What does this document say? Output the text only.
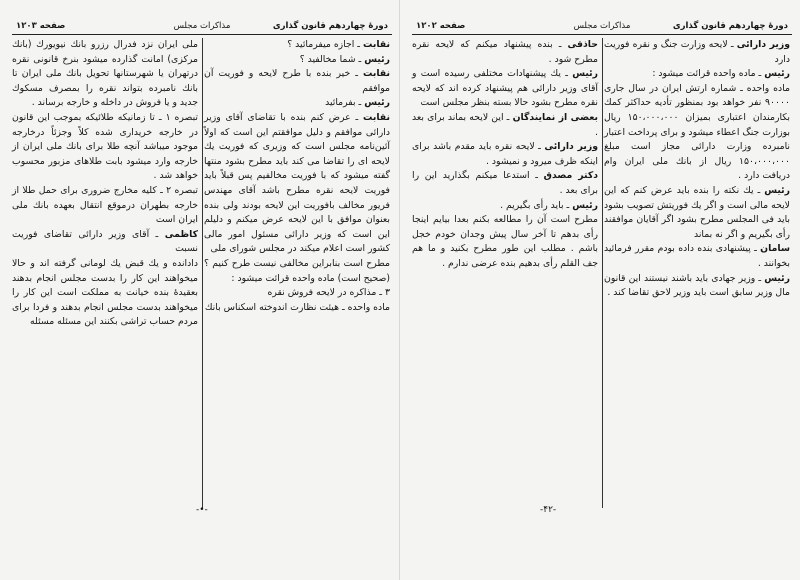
دورهٔ چهاردهم قانون گذاری
مذاکرات مجلس
صفحه ۱۲۰۳

نقابت ـ اجازه میفرمائید ؟

رئیس ـ شما مخالفید ؟

نقابت ـ خیر بنده با طرح لایحه و فوریت آن موافقم

رئیس ـ بفرمائید

نقابت ـ عرض کنم بنده با تقاضای آقای وزیر دارائی موافقم و دلیل موافقتم این است که اولاً آئین‌نامه مجلس است که وزیری که فوریت یك لایحه ای را تقاضا می کند باید مطرح بشود منتها گفته میشود که با فوریت مخالفیم پس قبلاً باید فوریت لایحه نقره مطرح باشد آقای مهندس فریور مخالف بافوریت این لایحه بودند ولی بنده بعنوان موافق با این لایحه عرض میکنم و دلیلم این است که وزیر دارائی مسئول امور مالی کشور است اعلام میکند در مجلس شورای ملی

مطرح است بنابراین مخالفی نیست طرح کنیم ؟ (صحیح است) ماده واحده قرائت میشود :

۳ ـ مذاکره در لایحه فروش نقره

ماده واحده ـ هیئت نظارت اندوخته اسکناس بانك

ملی ایران نزد فدرال رزرو بانك نیویورك (بانك مرکزی) امانت گذارده میشود بنرخ قانونی نقره درتهران یا شهرستانها تحویل بانك ملی ایران تا بانك نامبرده بتواند نقره را بمصرف مسکوك جدید و یا فروش در داخله و خارجه برساند .

تبصره ۱ ـ تا زمانیکه طلائیکه بموجب این قانون در خارجه خریداری شده کلاً وجزئاً درخارجه موجود میباشد آنچه طلا برای بانك ملی ایران از خارجه وارد میشود بابت طلاهای مزبور محسوب خواهد شد .

تبصره ۲ ـ کلیه مخارج ضروری برای حمل طلا از خارجه بطهران درموقع انتقال بعهده بانك ملی ایران است

کاظمی ـ آقای وزیر دارائی تقاضای فوریت نسبت

دادانده و یك قبض یك لومانی گرفته اند و حالا میخواهند این کار را بدست مجلس انجام بدهند بعقیدهٔ بنده خیانت به مملکت است این کار را میخواهند بدست مجلس انجام بدهند و فردا برای مردم حساب تراشی بکنند این مسئله مسئله

-•-
دورهٔ چهاردهم قانون گذاری
مذاکرات مجلس
صفحه ۱۲۰۲

وزیر دارائی ـ لایحه وزارت جنگ و نقره فوریت دارد

رئیس ـ ماده واحده قرائت میشود :

ماده واحده ـ شماره ارتش ایران در سال جاری ۹۰۰۰۰ نفر خواهد بود بمنظور تأدیه حداکثر کمك بکارمندان اعتباری بمیزان ۱۵۰،۰۰۰،۰۰۰ ریال بوزارت جنگ اعطاء میشود و برای پرداخت اعتبار نامبرده وزارت دارائی مجاز است مبلغ ۱۵۰،۰۰۰،۰۰۰ ریال از بانك ملی ایران وام دریافت دارد .

رئیس ـ یك نکته را بنده باید عرض کنم که این لایحه مالی است و اگر یك فوریتش تصویب بشود باید فی المجلس مطرح بشود اگر آقایان موافقند رأی بگیریم و اگر نه بماند

سامان ـ پیشنهادی بنده داده بودم مقرر فرمائید بخوانند .

رئیس ـ وزیر جهادی باید باشند نیستند این قانون مال وزیر سابق است باید وزیر لاحق تقاضا کند .

حاذقی ـ بنده پیشنهاد میکنم که لایحه نقره مطرح شود .

رئیس ـ یك پیشنهادات مختلفی رسیده است و آقای وزیر دارائی هم پیشنهاد کرده اند که لایحه نقره مطرح بشود حالا بسته بنظر مجلس است

بعضی از نمایندگان ـ این لایحه بماند برای بعد .

وزیر دارائی ـ لایحه نقره باید مقدم باشد برای اینکه ظرف میرود و نمیشود .

دکتر مصدق ـ استدعا میکنم بگذارید این را برای بعد .

رئیس ـ باید رأی بگیریم .

مطرح است آن را مطالعه بکنم بعدا بیایم اینجا رأی بدهم تا آخر سال پیش وجدان خودم خجل باشم . مطلب این طور مطرح بکنید و ما هم جف القلم رأی بدهیم بنده عرضی ندارم .

-۴۲-
